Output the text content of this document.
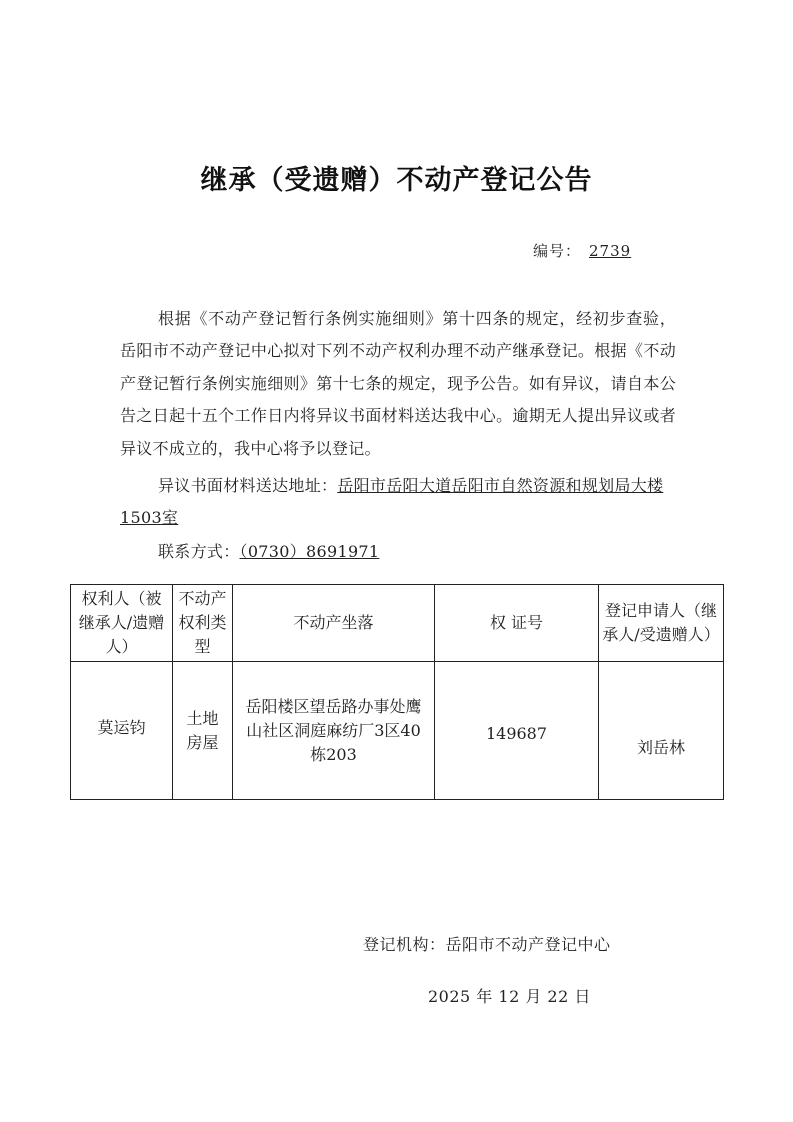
继承（受遗赠）不动产登记公告
编号： 2739
根据《不动产登记暂行条例实施细则》第十四条的规定，经初步查验，岳阳市不动产登记中心拟对下列不动产权利办理不动产继承登记。根据《不动产登记暂行条例实施细则》第十七条的规定，现予公告。如有异议，请自本公告之日起十五个工作日内将异议书面材料送达我中心。逾期无人提出异议或者异议不成立的，我中心将予以登记。
异议书面材料送达地址：岳阳市岳阳大道岳阳市自然资源和规划局大楼1503室
联系方式：（0730）8691971
权利人（被继承人/遗赠人）	不动产权利类型	不动产坐落	权 证号	登记申请人（继承人/受遗赠人）
莫运钧	土地房屋	岳阳楼区望岳路办事处鹰山社区洞庭麻纺厂3区40栋203	149687	刘岳林
登记机构：岳阳市不动产登记中心
2025 年 12 月 22 日
